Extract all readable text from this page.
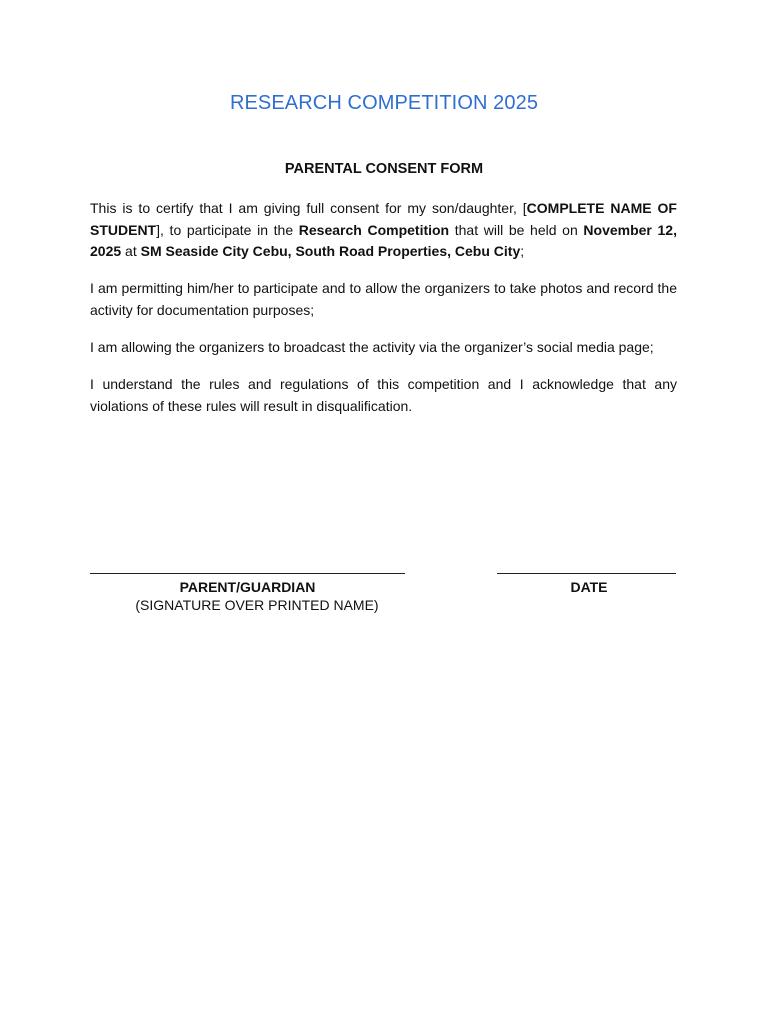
RESEARCH COMPETITION 2025
PARENTAL CONSENT FORM

This is to certify that I am giving full consent for my son/daughter, [COMPLETE NAME OF STUDENT], to participate in the Research Competition that will be held on November 12, 2025 at SM Seaside City Cebu, South Road Properties, Cebu City;

I am permitting him/her to participate and to allow the organizers to take photos and record the activity for documentation purposes;

I am allowing the organizers to broadcast the activity via the organizer’s social media page;

I understand the rules and regulations of this competition and I acknowledge that any violations of these rules will result in disqualification.

PARENT/GUARDIAN	DATE
(SIGNATURE OVER PRINTED NAME)
